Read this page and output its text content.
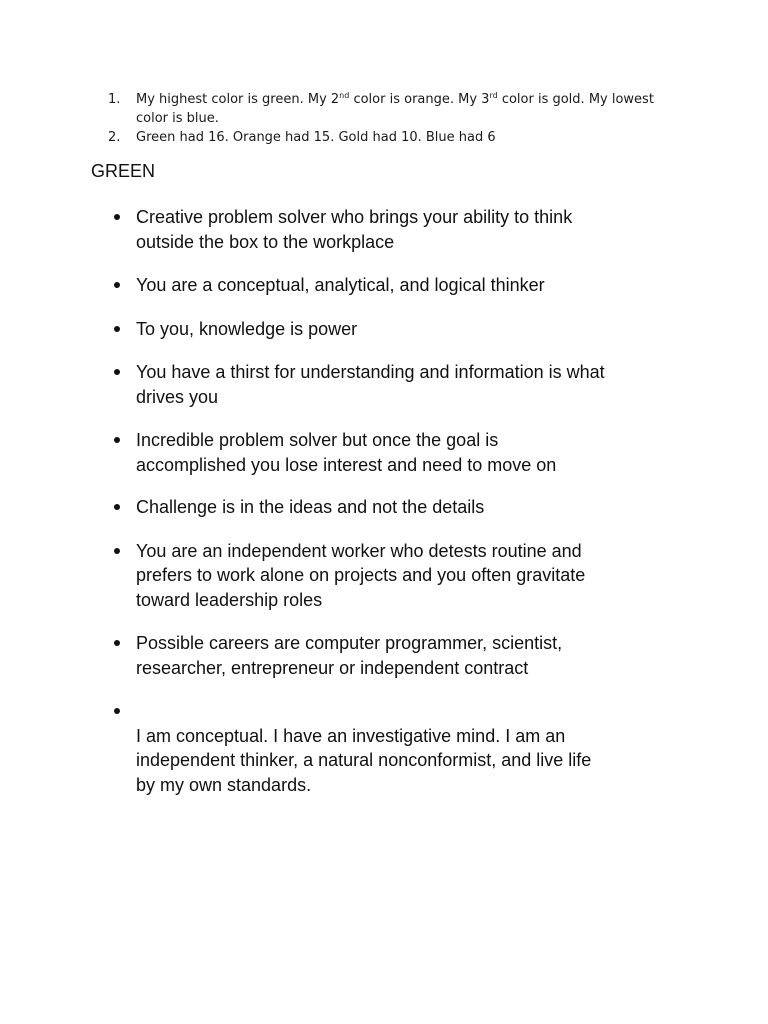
1.	My highest color is green. My 2nd color is orange. My 3rd color is gold. My lowest color is blue.
2.	Green had 16. Orange had 15. Gold had 10. Blue had 6
GREEN
Creative problem solver who brings your ability to think outside the box to the workplace
You are a conceptual, analytical, and logical thinker
To you, knowledge is power
You have a thirst for understanding and information is what drives you
Incredible problem solver but once the goal is accomplished you lose interest and need to move on
Challenge is in the ideas and not the details
You are an independent worker who detests routine and prefers to work alone on projects and you often gravitate toward leadership roles
Possible careers are computer programmer, scientist, researcher, entrepreneur or independent contract
I am conceptual. I have an investigative mind. I am an independent thinker, a natural nonconformist, and live life by my own standards.
